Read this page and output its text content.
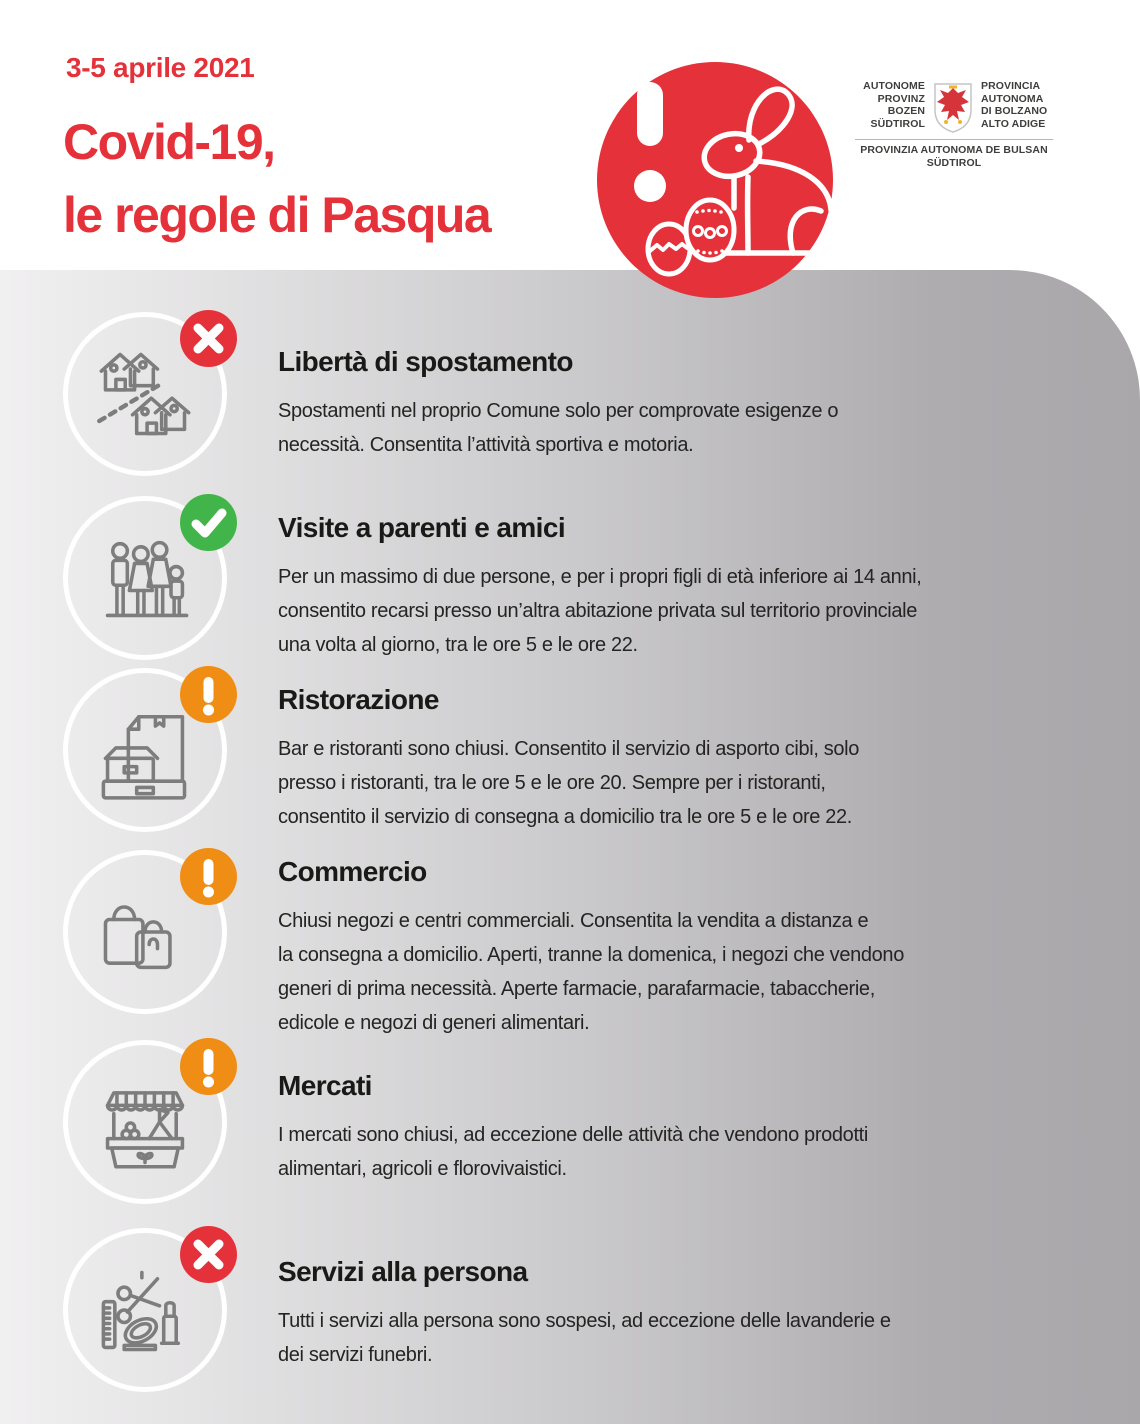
3-5 aprile 2021
Covid-19,
le regole di Pasqua
AUTONOME
PROVINZ
BOZEN
SÜDTIROL
PROVINCIA
AUTONOMA
DI BOLZANO
ALTO ADIGE
PROVINZIA AUTONOMA DE BULSAN
SÜDTIROL
Libertà di spostamento
Spostamenti nel proprio Comune solo per comprovate esigenze o
necessità. Consentita l’attività sportiva e motoria.
Visite a parenti e amici
Per un massimo di due persone, e per i propri figli di età inferiore ai 14 anni,
consentito recarsi presso un’altra abitazione privata sul territorio provinciale
una volta al giorno, tra le ore 5 e le ore 22.
Ristorazione
Bar e ristoranti sono chiusi. Consentito il servizio di asporto cibi, solo
presso i ristoranti, tra le ore 5 e le ore 20. Sempre per i ristoranti,
consentito il servizio di consegna a domicilio tra le ore 5 e le ore 22.
Commercio
Chiusi negozi e centri commerciali. Consentita la vendita a distanza e
la consegna a domicilio. Aperti, tranne la domenica, i negozi che vendono
generi di prima necessità. Aperte farmacie, parafarmacie, tabaccherie,
edicole e negozi di generi alimentari.
Mercati
I mercati sono chiusi, ad eccezione delle attività che vendono prodotti
alimentari, agricoli e florovivaistici.
Servizi alla persona
Tutti i servizi alla persona sono sospesi, ad eccezione delle lavanderie e
dei servizi funebri.
